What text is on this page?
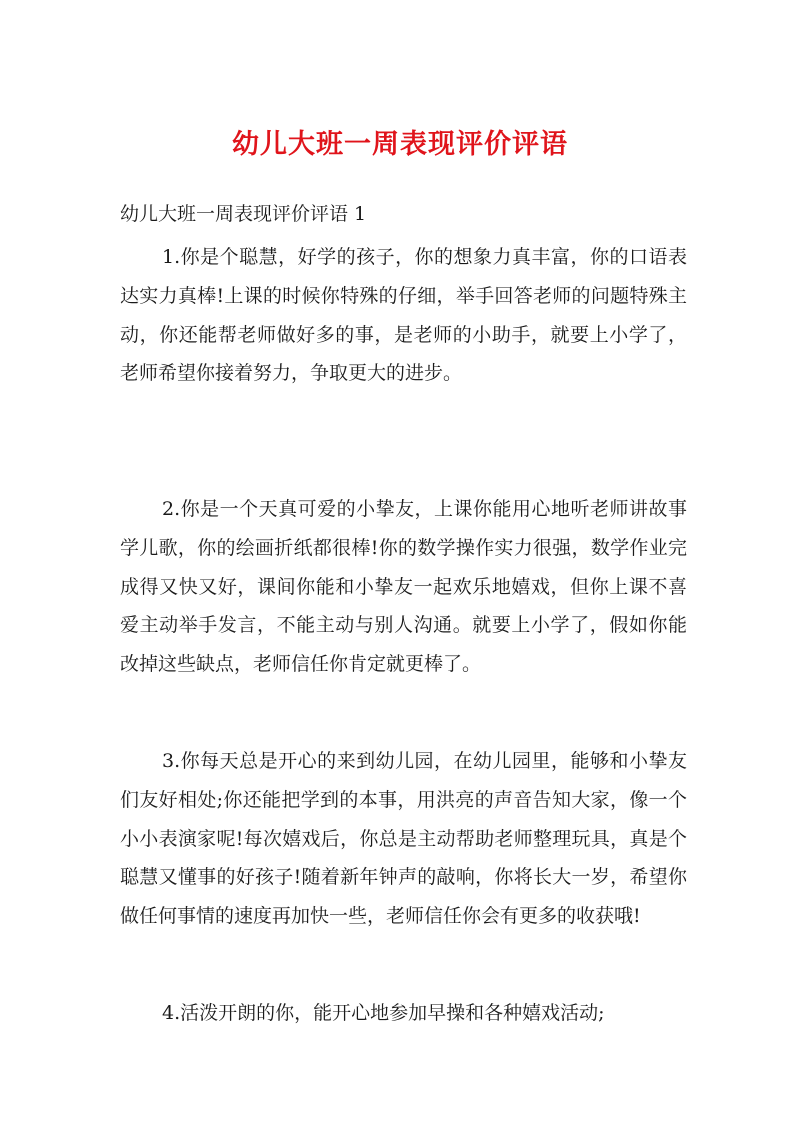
幼儿大班一周表现评价评语

幼儿大班一周表现评价评语 1

1.你是个聪慧，好学的孩子，你的想象力真丰富，你的口语表达实力真棒!上课的时候你特殊的仔细，举手回答老师的问题特殊主动，你还能帮老师做好多的事，是老师的小助手，就要上小学了，老师希望你接着努力，争取更大的进步。

2.你是一个天真可爱的小挚友，上课你能用心地听老师讲故事学儿歌，你的绘画折纸都很棒!你的数学操作实力很强，数学作业完成得又快又好，课间你能和小挚友一起欢乐地嬉戏，但你上课不喜爱主动举手发言，不能主动与别人沟通。就要上小学了，假如你能改掉这些缺点，老师信任你肯定就更棒了。

3.你每天总是开心的来到幼儿园，在幼儿园里，能够和小挚友们友好相处;你还能把学到的本事，用洪亮的声音告知大家，像一个小小表演家呢!每次嬉戏后，你总是主动帮助老师整理玩具，真是个聪慧又懂事的好孩子!随着新年钟声的敲响，你将长大一岁，希望你做任何事情的速度再加快一些，老师信任你会有更多的收获哦!

4.活泼开朗的你，能开心地参加早操和各种嬉戏活动;
